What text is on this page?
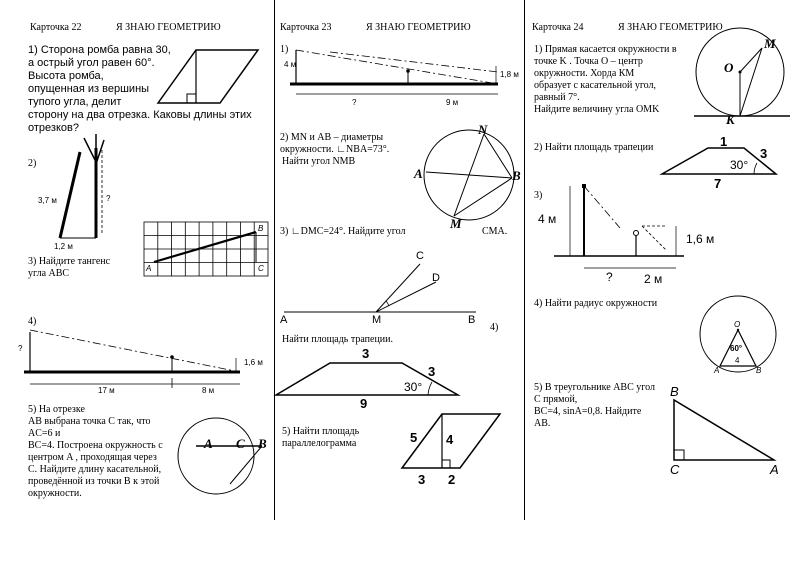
Карточка 22	Я ЗНАЮ ГЕОМЕТРИЮ
1) Сторона ромба равна 30,
а острый угол равен 60°.
Высота ромба,
опущенная из вершины
тупого угла, делит
сторону на два отрезка. Каковы длины этих
отрезков?
2)
3,7 м
1,2 м
?
3) Найдите тангенс
угла ABC
B
A	C
4)
?
1,6 м
17 м	8 м
5) На отрезке
AB выбрана точка C так, что
AC=6 и
BC=4. Построена окружность с
центром A , проходящая через
C. Найдите длину касательной,
проведённой из точки B к этой
окружности.
A C B
Карточка 23	Я ЗНАЮ ГЕОМЕТРИЮ
1)
4 м
1,8 м
?	9 м
2) MN и AB – диаметры
окружности. ∟NBA=73°.
Найти угол NMB
N
A	B
M
3) ∟DMC=24°. Найдите угол	CMA.
C
D
A	M	B
4)
Найти площадь трапеции.
3
3
30°
9
5) Найти площадь
параллелограмма	5 4
3 2
Карточка 24	Я ЗНАЮ ГЕОМЕТРИЮ
1) Прямая касается окружности в
точке K . Точка O – центр
окружности. Хорда КМ
образует с касательной угол,
равный 7°.
Найдите величину угла OMK
M
O
K
2) Найти площадь трапеции	1
30°
3
7
3)
4 м
1,6 м
?	2 м
4) Найти радиус окружности
O
60°
4
A	B
5) В треугольнике ABC угол
C прямой,
BC=4, sinA=0,8. Найдите
AB.
B
C	A
